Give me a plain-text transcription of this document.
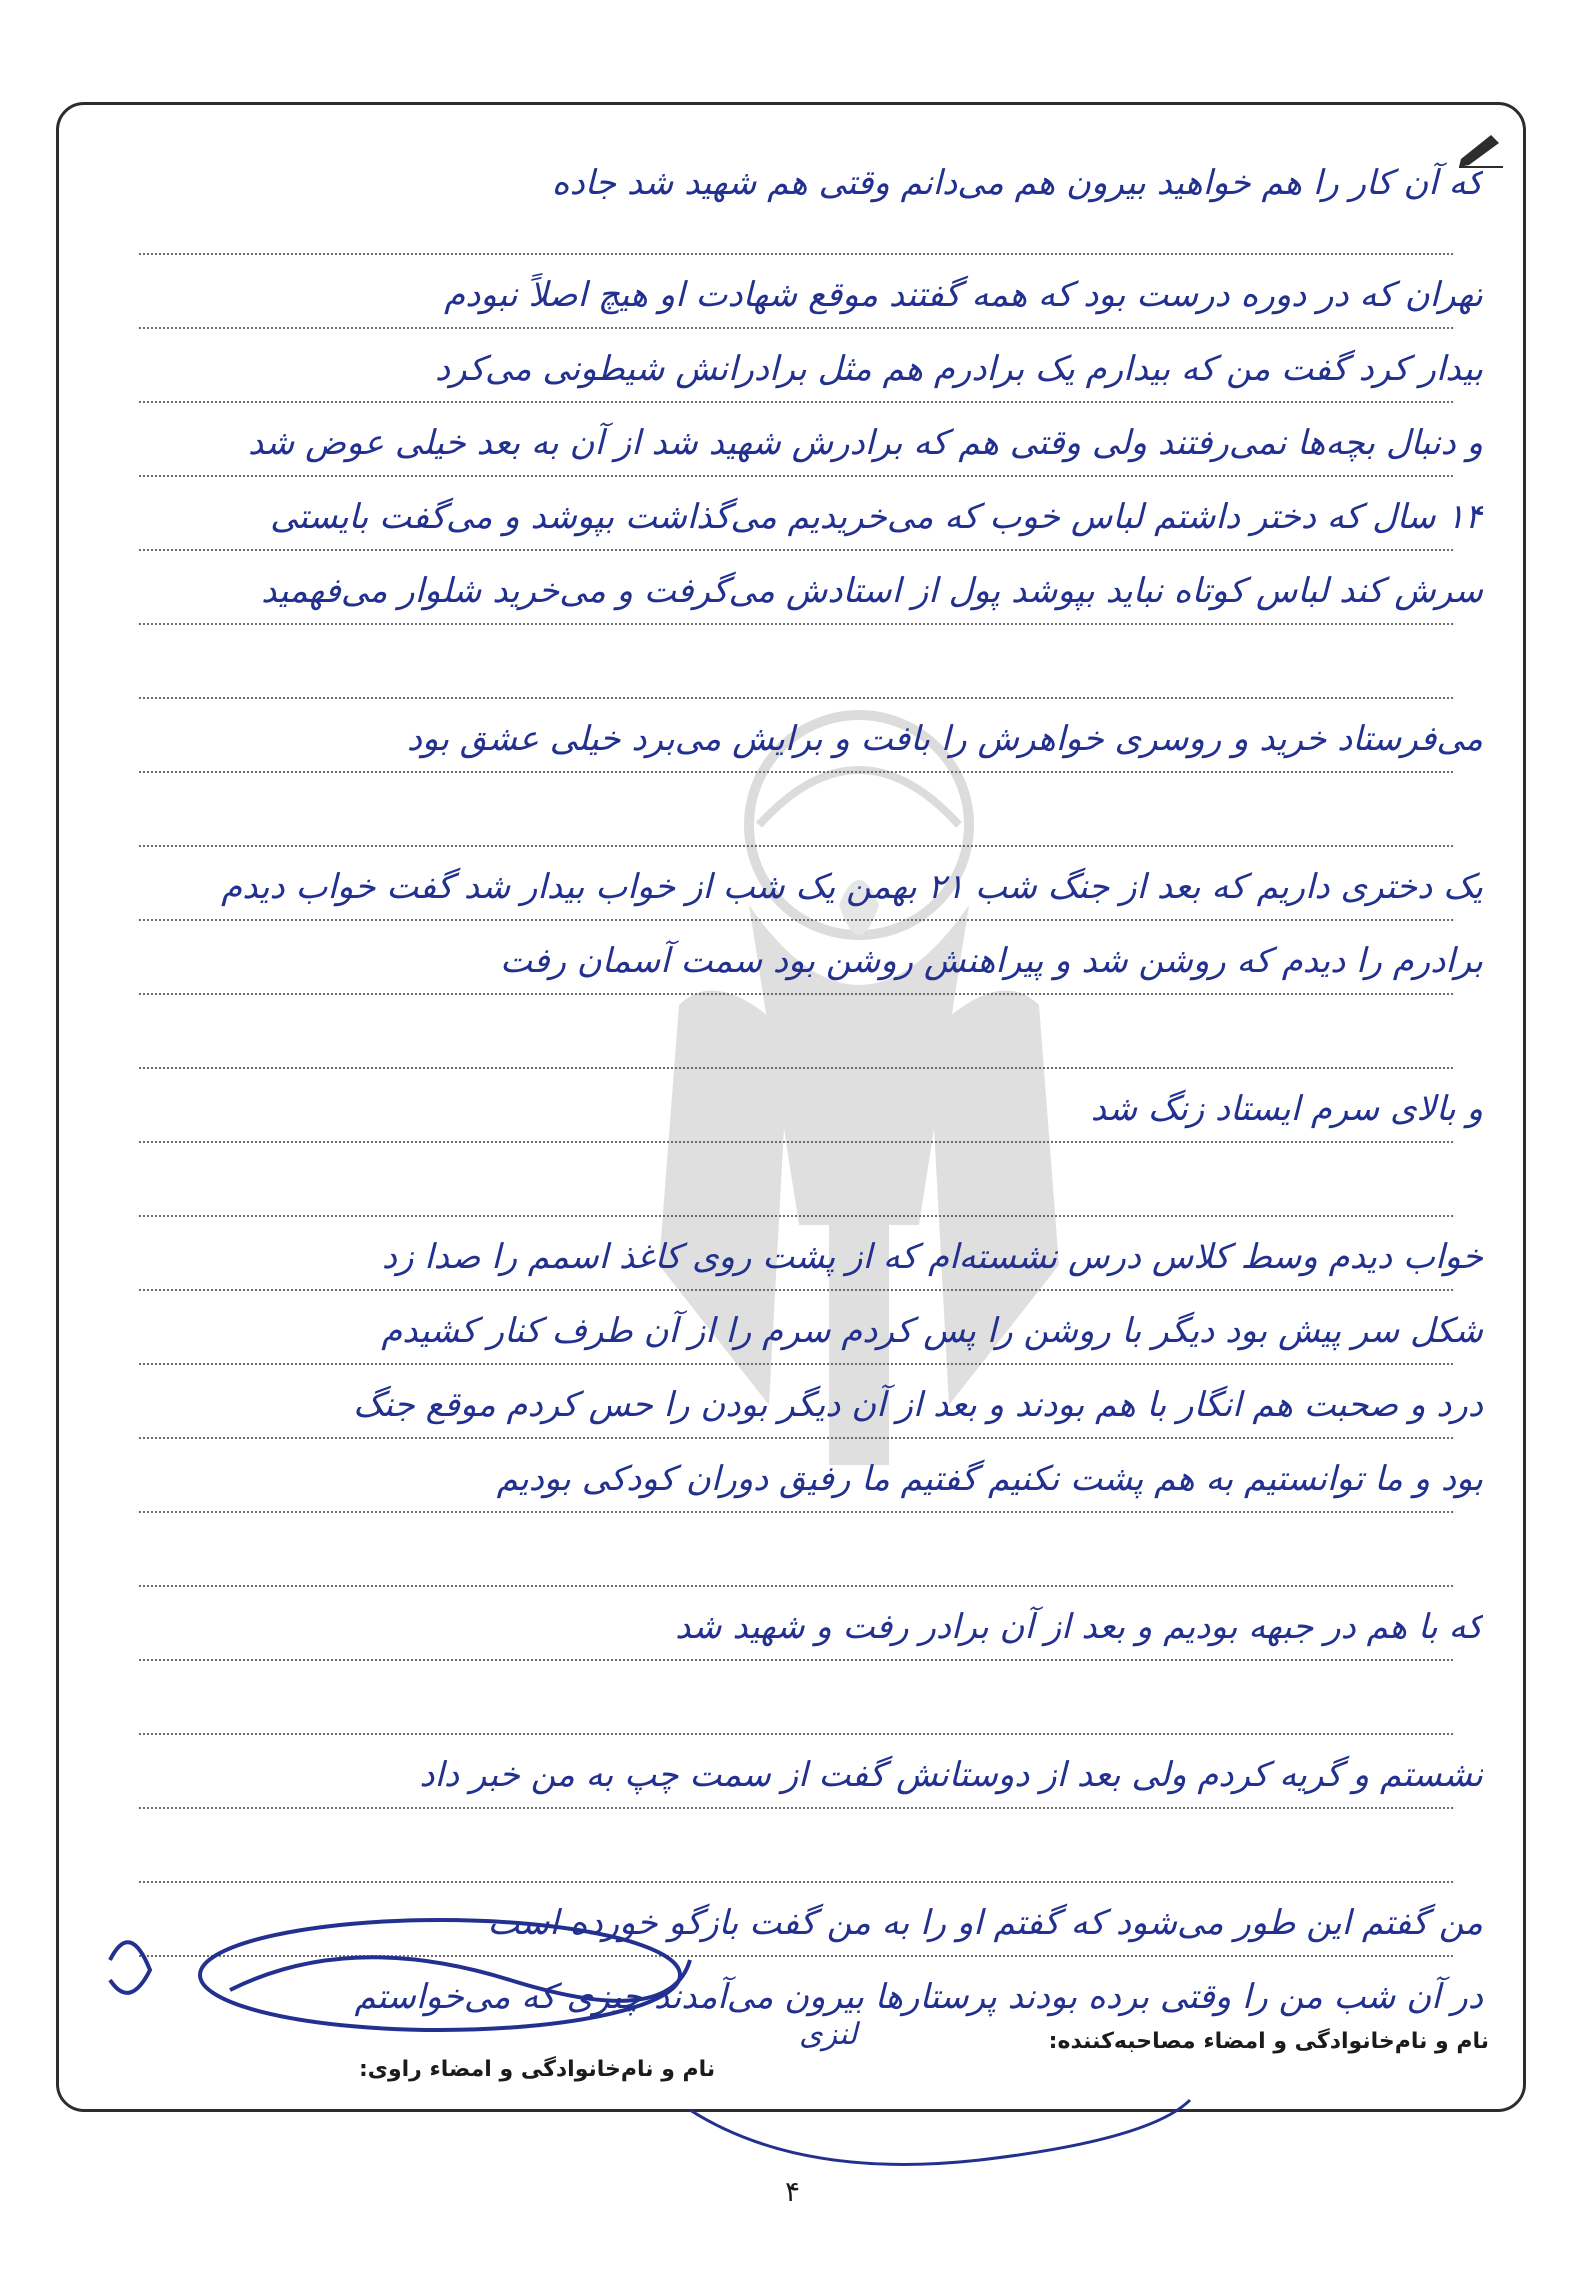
که آن کار را هم خواهید بیرون هم می‌دانم وقتی هم شهید شد جاده
تهران که در دوره درست بود که همه گفتند موقع شهادت او هیچ اصلاً نبودم
بیدار کرد گفت من که بیدارم یک برادرم هم مثل برادرانش شیطونی می‌کرد
و دنبال بچه‌ها نمی‌رفتند ولی وقتی هم که برادرش شهید شد از آن به بعد خیلی عوض شد
۱۴ سال که دختر داشتم لباس خوب که می‌خریدیم می‌گذاشت بپوشد و می‌گفت بایستی
سرش کند لباس کوتاه نباید بپوشد پول از استادش می‌گرفت و می‌خرید شلوار می‌فهمید
می‌فرستاد خرید و روسری خواهرش را بافت و برایش می‌برد خیلی عشق بود
یک دختری داریم که بعد از جنگ شب ۲۱ بهمن یک شب از خواب بیدار شد گفت خواب دیدم
برادرم را دیدم که روشن شد و پیراهنش روشن بود سمت آسمان رفت
و بالای سرم ایستاد زنگ شد
خواب دیدم وسط کلاس درس نشسته‌ام که از پشت روی کاغذ اسمم را صدا زد
شکل سر پیش بود دیگر با روشن را پس کردم سرم را از آن طرف کنار کشیدم
درد و صحبت هم انگار با هم بودند و بعد از آن دیگر بودن را حس کردم موقع جنگ
بود و ما توانستیم به هم پشت نکنیم گفتیم ما رفیق دوران کودکی بودیم
که با هم در جبهه بودیم و بعد از آن برادر رفت و شهید شد
نشستم و گریه کردم ولی بعد از دوستانش گفت از سمت چپ به من خبر داد
من گفتم این طور می‌شود که گفتم او را به من گفت بازگو خورده است
در آن شب من را وقتی برده بودند پرستارها بیرون می‌آمدند چیزی که می‌خواستم
نام و نام‌خانوادگی و امضاء مصاحبه‌کننده:
لنزی
نام و نام‌خانوادگی و امضاء راوی:
۴
